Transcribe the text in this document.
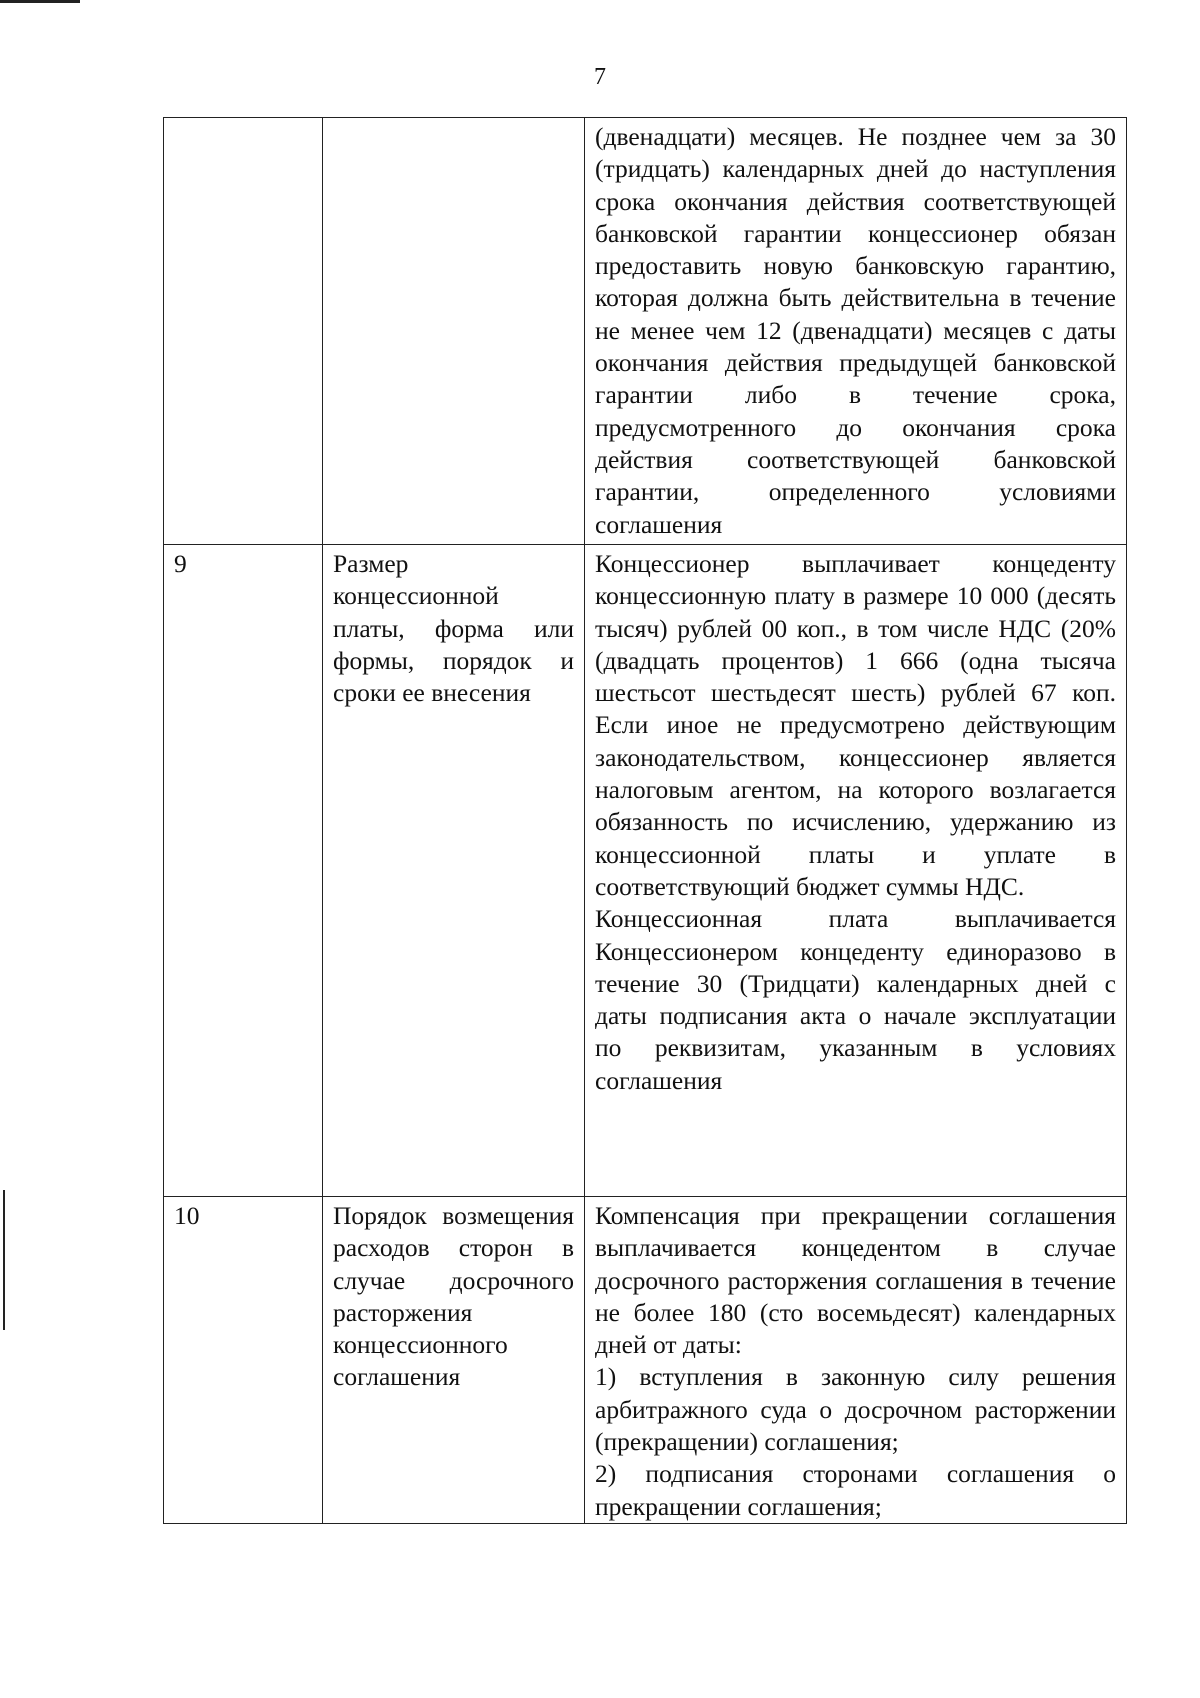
7

		(двенадцати) месяцев. Не позднее чем за 30 (тридцать) календарных дней до наступления срока окончания действия соответствующей банковской гарантии концессионер обязан предоставить новую банковскую гарантию, которая должна быть действительна в течение не менее чем 12 (двенадцати) месяцев с даты окончания действия предыдущей банковской гарантии либо в течение срока, предусмотренного до окончания срока действия соответствующей банковской гарантии, определенного условиями соглашения

9	Размер концессионной платы, форма или формы, порядок и сроки ее внесения	Концессионер выплачивает концеденту концессионную плату в размере 10 000 (десять тысяч) рублей 00 коп., в том числе НДС (20% (двадцать процентов) 1 666 (одна тысяча шестьсот шестьдесят шесть) рублей 67 коп. Если иное не предусмотрено действующим законодательством, концессионер является налоговым агентом, на которого возлагается обязанность по исчислению, удержанию из концессионной платы и уплате в соответствующий бюджет суммы НДС.
Концессионная плата выплачивается Концессионером концеденту единоразово в течение 30 (Тридцати) календарных дней с даты подписания акта о начале эксплуатации по реквизитам, указанным в условиях соглашения

10	Порядок возмещения расходов сторон в случае досрочного расторжения концессионного соглашения	Компенсация при прекращении соглашения выплачивается концедентом в случае досрочного расторжения соглашения в течение не более 180 (сто восемьдесят) календарных дней от даты:
1) вступления в законную силу решения арбитражного суда о досрочном расторжении (прекращении) соглашения;
2) подписания сторонами соглашения о прекращении соглашения;
